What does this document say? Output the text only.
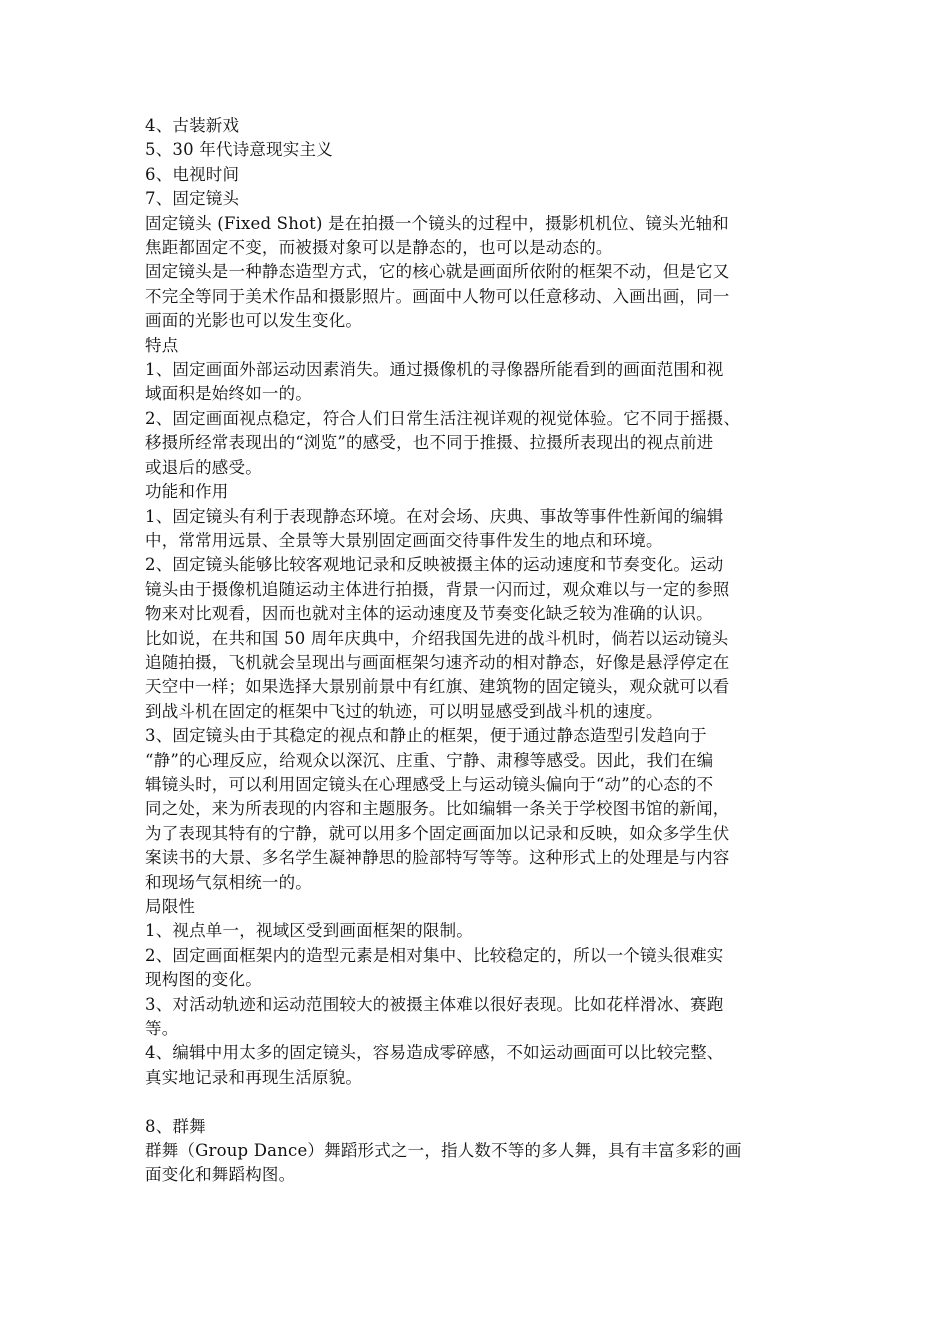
4、古装新戏
5、30 年代诗意现实主义
6、电视时间
7、固定镜头
固定镜头 (Fixed Shot) 是在拍摄一个镜头的过程中，摄影机机位、镜头光轴和
焦距都固定不变，而被摄对象可以是静态的，也可以是动态的。
固定镜头是一种静态造型方式，它的核心就是画面所依附的框架不动，但是它又
不完全等同于美术作品和摄影照片。画面中人物可以任意移动、入画出画，同一
画面的光影也可以发生变化。
特点
1、固定画面外部运动因素消失。通过摄像机的寻像器所能看到的画面范围和视
域面积是始终如一的。
2、固定画面视点稳定，符合人们日常生活注视详观的视觉体验。它不同于摇摄、
移摄所经常表现出的“浏览”的感受，也不同于推摄、拉摄所表现出的视点前进
或退后的感受。
功能和作用
1、固定镜头有利于表现静态环境。在对会场、庆典、事故等事件性新闻的编辑
中，常常用远景、全景等大景别固定画面交待事件发生的地点和环境。
2、固定镜头能够比较客观地记录和反映被摄主体的运动速度和节奏变化。运动
镜头由于摄像机追随运动主体进行拍摄，背景一闪而过，观众难以与一定的参照
物来对比观看，因而也就对主体的运动速度及节奏变化缺乏较为准确的认识。
比如说，在共和国 50 周年庆典中，介绍我国先进的战斗机时，倘若以运动镜头
追随拍摄，飞机就会呈现出与画面框架匀速齐动的相对静态，好像是悬浮停定在
天空中一样；如果选择大景别前景中有红旗、建筑物的固定镜头，观众就可以看
到战斗机在固定的框架中飞过的轨迹，可以明显感受到战斗机的速度。
3、固定镜头由于其稳定的视点和静止的框架，便于通过静态造型引发趋向于
“静”的心理反应，给观众以深沉、庄重、宁静、肃穆等感受。因此，我们在编
辑镜头时，可以利用固定镜头在心理感受上与运动镜头偏向于“动”的心态的不
同之处，来为所表现的内容和主题服务。比如编辑一条关于学校图书馆的新闻，
为了表现其特有的宁静，就可以用多个固定画面加以记录和反映，如众多学生伏
案读书的大景、多名学生凝神静思的脸部特写等等。这种形式上的处理是与内容
和现场气氛相统一的。
局限性
1、视点单一，视域区受到画面框架的限制。
2、固定画面框架内的造型元素是相对集中、比较稳定的，所以一个镜头很难实
现构图的变化。
3、对活动轨迹和运动范围较大的被摄主体难以很好表现。比如花样滑冰、赛跑
等。
4、编辑中用太多的固定镜头，容易造成零碎感，不如运动画面可以比较完整、
真实地记录和再现生活原貌。
8、群舞
群舞（Group Dance）舞蹈形式之一，指人数不等的多人舞，具有丰富多彩的画
面变化和舞蹈构图。
